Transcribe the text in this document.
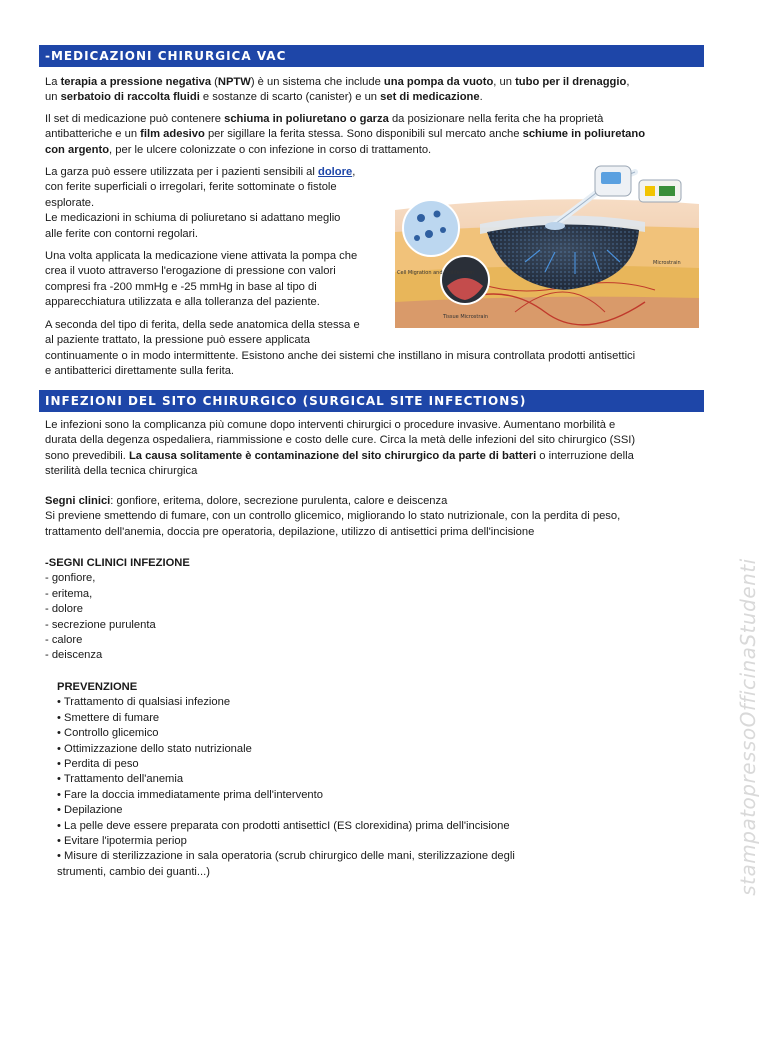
-MEDICAZIONI CHIRURGICA VAC

La terapia a pressione negativa (NPTW) è un sistema che include una pompa da vuoto, un tubo per il drenaggio,

un serbatoio di raccolta fluidi e sostanze di scarto (canister) e un set di medicazione.

Il set di medicazione può contenere schiuma in poliuretano o garza da posizionare nella ferita che ha proprietà

antibatteriche e un film adesivo per sigillare la ferita stessa. Sono disponibili sul mercato anche schiume in poliuretano

con argento, per le ulcere colonizzate o con infezione in corso di trattamento.

La garza può essere utilizzata per i pazienti sensibili al dolore,

con ferite superficiali o irregolari, ferite sottominate o fistole

esplorate.

Le medicazioni in schiuma di poliuretano si adattano meglio

alle ferite con contorni regolari.

Una volta applicata la medicazione viene attivata la pompa che

crea il vuoto attraverso l'erogazione di pressione con valori

compresi fra -200 mmHg e -25 mmHg in base al tipo di

apparecchiatura utilizzata e alla tolleranza del paziente.

A seconda del tipo di ferita, della sede anatomica della stessa e

al paziente trattato, la pressione può essere applicata

continuamente o in modo intermittente. Esistono anche dei sistemi che instillano in misura controllata prodotti antisettici

e antibatterici direttamente sulla ferita.

Cell Migration and Proliferation
Microstrain
Tissue Microstrain
INFEZIONI DEL SITO CHIRURGICO (SURGICAL SITE INFECTIONS)

Le infezioni sono la complicanza più comune dopo interventi chirurgici o procedure invasive. Aumentano morbilità e

durata della degenza ospedaliera, riammissione e costo delle cure. Circa la metà delle infezioni del sito chirurgico (SSI)

sono prevedibili. La causa solitamente è contaminazione del sito chirurgico da parte di batteri o interruzione della

sterilità della tecnica chirurgica

Segni clinici: gonfiore, eritema, dolore, secrezione purulenta, calore e deiscenza

Si previene smettendo di fumare, con un controllo glicemico, migliorando lo stato nutrizionale, con la perdita di peso,

trattamento dell'anemia, doccia pre operatoria, depilazione, utilizzo di antisettici prima dell'incisione

-SEGNI CLINICI INFEZIONE

- gonfiore,
- eritema,
- dolore
- secrezione purulenta
- calore
- deiscenza

PREVENZIONE

• Trattamento di qualsiasi infezione
• Smettere di fumare
• Controllo glicemico
• Ottimizzazione dello stato nutrizionale
• Perdita di peso
• Trattamento dell'anemia
• Fare la doccia immediatamente prima dell'intervento
• Depilazione
• La pelle deve essere preparata con prodotti antisetticI (ES clorexidina) prima dell'incisione
• Evitare l'ipotermia periop
• Misure di sterilizzazione in sala operatoria (scrub chirurgico delle mani, sterilizzazione degli
strumenti, cambio dei guanti...)	stampatopressoOfficinaStudenti
